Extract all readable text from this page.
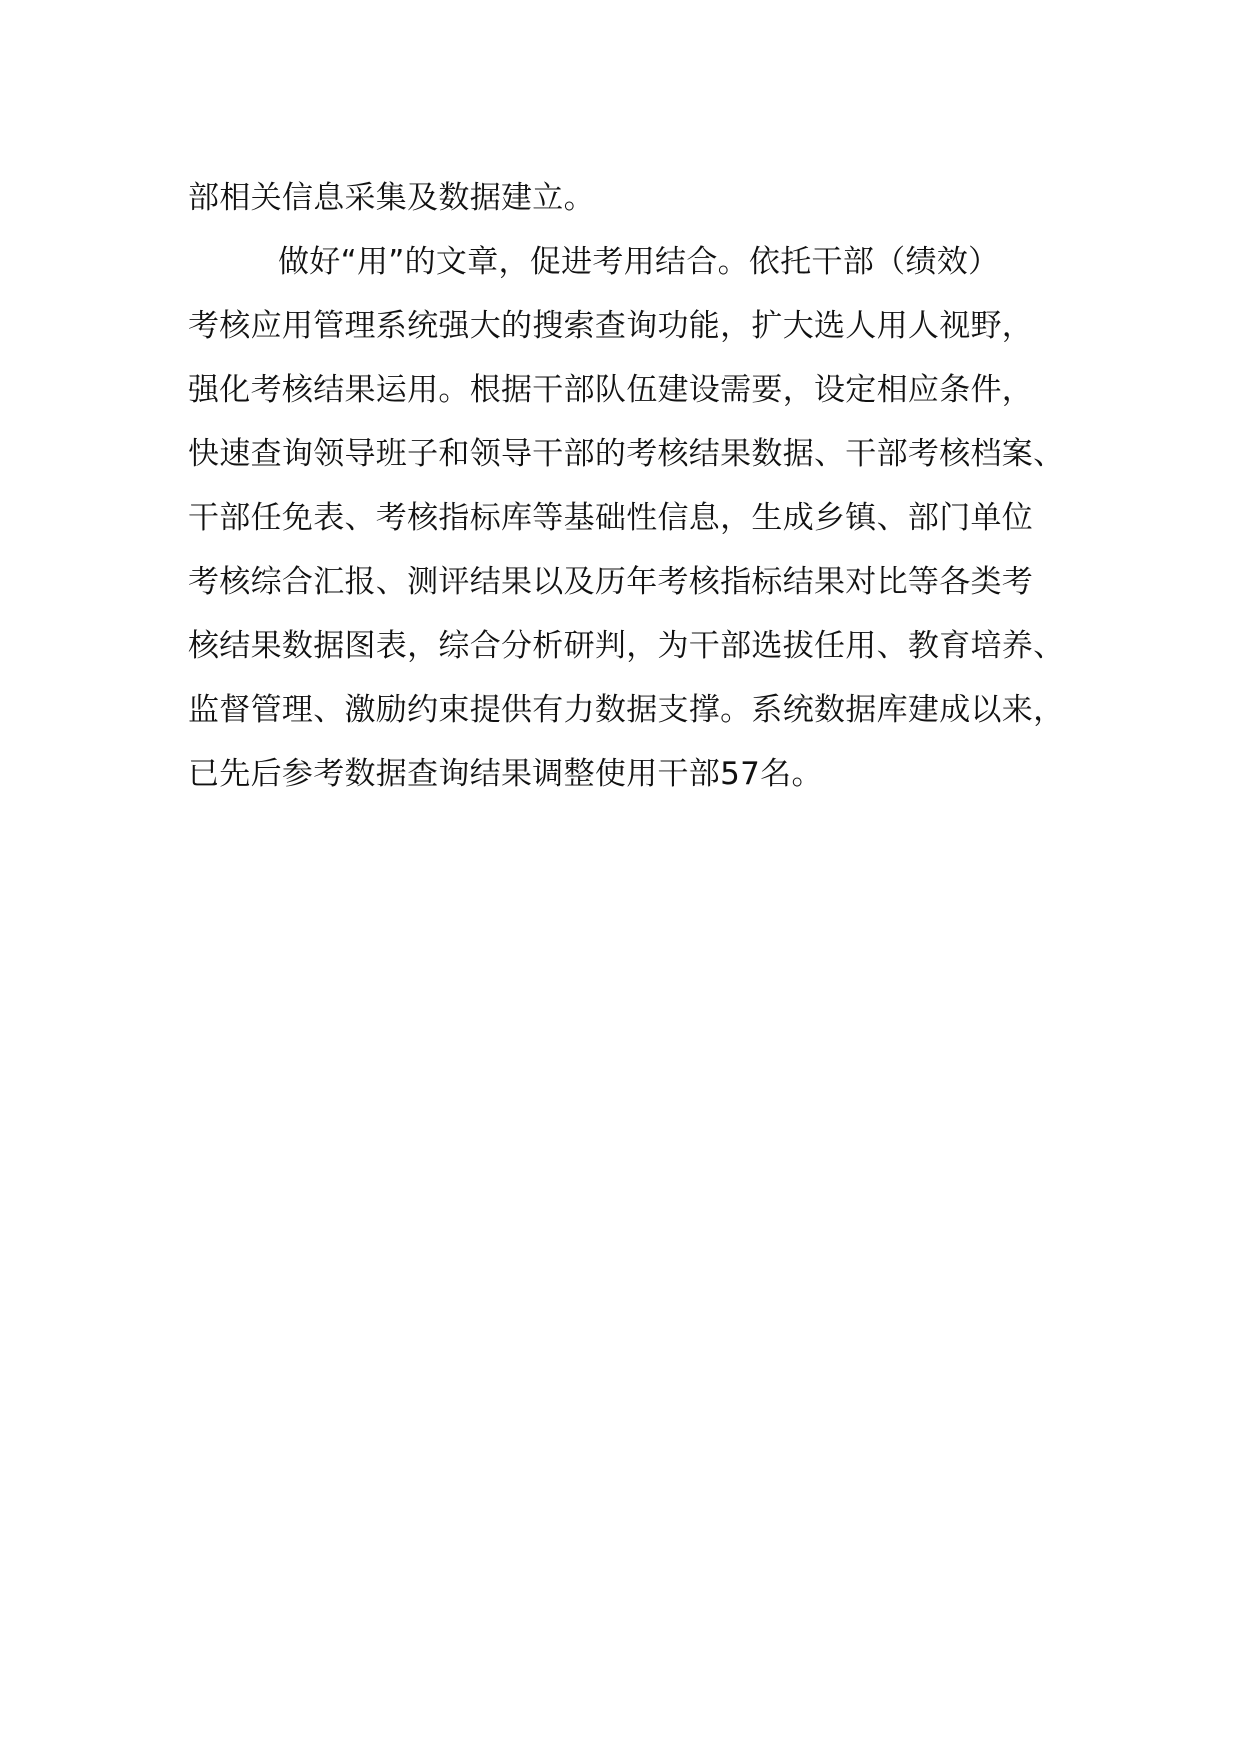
部相关信息采集及数据建立。
做好“用”的文章，促进考用结合。依托干部（绩效）
考核应用管理系统强大的搜索查询功能，扩大选人用人视野，
强化考核结果运用。根据干部队伍建设需要，设定相应条件，
快速查询领导班子和领导干部的考核结果数据、干部考核档案、
干部任免表、考核指标库等基础性信息，生成乡镇、部门单位
考核综合汇报、测评结果以及历年考核指标结果对比等各类考
核结果数据图表，综合分析研判，为干部选拔任用、教育培养、
监督管理、激励约束提供有力数据支撑。系统数据库建成以来，
已先后参考数据查询结果调整使用干部57名。
